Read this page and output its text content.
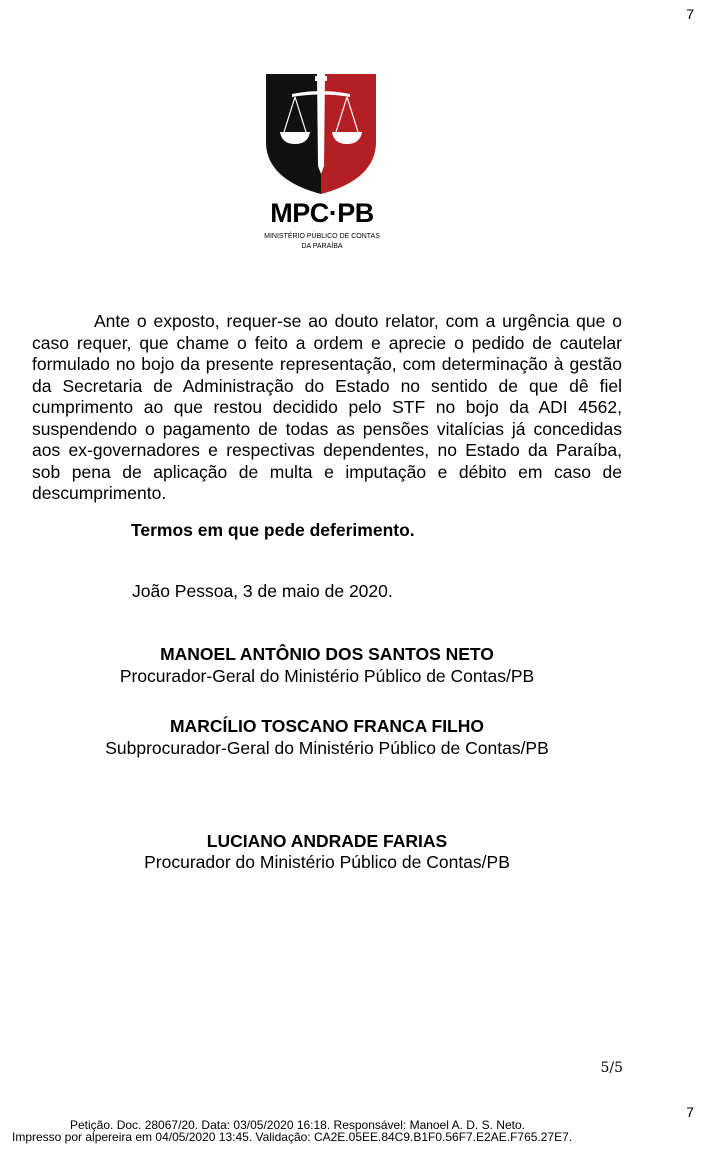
7
MPC·PB
MINISTÉRIO PÚBLICO DE CONTAS
DA PARAÍBA
Ante o exposto, requer-se ao douto relator, com a urgência que o caso requer, que chame o feito a ordem e aprecie o pedido de cautelar formulado no bojo da presente representação, com determinação à gestão da Secretaria de Administração do Estado no sentido de que dê fiel cumprimento ao que restou decidido pelo STF no bojo da ADI 4562, suspendendo o pagamento de todas as pensões vitalícias já concedidas aos ex-governadores e respectivas dependentes, no Estado da Paraíba, sob pena de aplicação de multa e imputação e débito em caso de descumprimento.
Termos em que pede deferimento.
João Pessoa, 3 de maio de 2020.
MANOEL ANTÔNIO DOS SANTOS NETO
Procurador-Geral do Ministério Público de Contas/PB
MARCÍLIO TOSCANO FRANCA FILHO
Subprocurador-Geral do Ministério Público de Contas/PB
LUCIANO ANDRADE FARIAS
Procurador do Ministério Público de Contas/PB
5/5
7
Petição. Doc. 28067/20. Data: 03/05/2020 16:18. Responsável: Manoel A. D. S. Neto.
Impresso por alpereira em 04/05/2020 13:45. Validação: CA2E.05EE.84C9.B1F0.56F7.E2AE.F765.27E7.
